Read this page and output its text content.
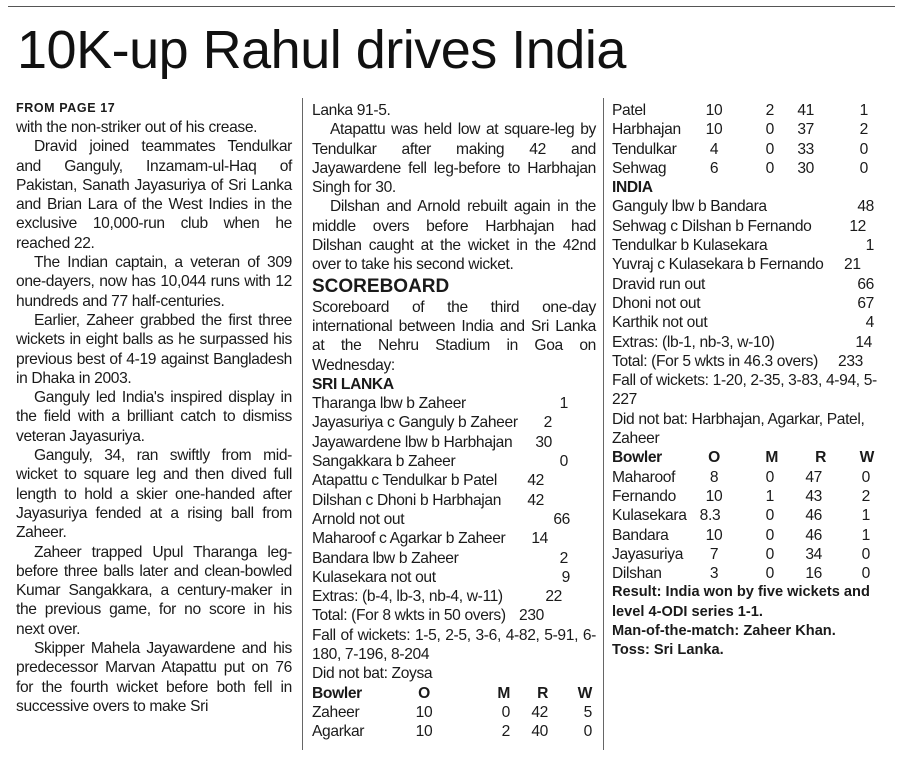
10K-up Rahul drives India
FROM PAGE 17

with the non-striker out of his crease.

Dravid joined teammates Tendulkar and Ganguly, Inzamam-ul-Haq of Pakistan, Sanath Jayasuriya of Sri Lanka and Brian Lara of the West Indies in the exclusive 10,000-run club when he reached 22.

The Indian captain, a veteran of 309 one-dayers, now has 10,044 runs with 12 hundreds and 77 half-centuries.

Earlier, Zaheer grabbed the first three wickets in eight balls as he surpassed his previous best of 4-19 against Bangladesh in Dhaka in 2003.

Ganguly led India's inspired display in the field with a brilliant catch to dismiss veteran Jayasuriya.

Ganguly, 34, ran swiftly from mid-wicket to square leg and then dived full length to hold a skier one-handed after Jayasuriya fended at a rising ball from Zaheer.

Zaheer trapped Upul Tharanga leg-before three balls later and clean-bowled Kumar Sangakkara, a century-maker in the previous game, for no score in his next over.

Skipper Mahela Jayawardene and his predecessor Marvan Atapattu put on 76 for the fourth wicket before both fell in successive overs to make Sri

Lanka 91-5.

Atapattu was held low at square-leg by Tendulkar after making 42 and Jayawardene fell leg-before to Harbhajan Singh for 30.

Dilshan and Arnold rebuilt again in the middle overs before Harbhajan had Dilshan caught at the wicket in the 42nd over to take his second wicket.

SCOREBOARD

Scoreboard of the third one-day international between India and Sri Lanka at the Nehru Stadium in Goa on Wednesday:

SRI LANKA
Tharanga lbw b Zaheer	1
Jayasuriya c Ganguly b Zaheer	2
Jayawardene lbw b Harbhajan	30
Sangakkara b Zaheer	0
Atapattu c Tendulkar b Patel	42
Dilshan c Dhoni b Harbhajan	42
Arnold not out	66
Maharoof c Agarkar b Zaheer	14
Bandara lbw b Zaheer	2
Kulasekara not out	9
Extras: (b-4, lb-3, nb-4, w-11)	22
Total: (For 8 wkts in 50 overs) 230

Fall of wickets: 1-5, 2-5, 3-6, 4-82, 5-91, 6-180, 7-196, 8-204

Did not bat: Zoysa
Bowler	O	M	R	W
Zaheer	10	0	42	5
Agarkar	10	2	40	0
Patel	10	2	41	1
Harbhajan	10	0	37	2
Tendulkar	4	0	33	0
Sehwag	6	0	30	0
INDIA
Ganguly lbw b Bandara	48
Sehwag c Dilshan b Fernando	12
Tendulkar b Kulasekara	1
Yuvraj c Kulasekara b Fernando	21
Dravid run out	66
Dhoni not out	67
Karthik not out	4
Extras: (lb-1, nb-3, w-10)	14
Total: (For 5 wkts in 46.3 overs)	233

Fall of wickets: 1-20, 2-35, 3-83, 4-94, 5-227

Did not bat: Harbhajan, Agarkar, Patel, Zaheer

Bowler	O	M	R	W
Maharoof	8	0	47	0
Fernando	10	1	43	2
Kulasekara 8.3	0	46	1
Bandara	10	0	46	1
Jayasuriya	7	0	34	0
Dilshan	3	0	16	0

Result: India won by five wickets and level 4-ODI series 1-1.

Man-of-the-match: Zaheer Khan.
Toss: Sri Lanka.
